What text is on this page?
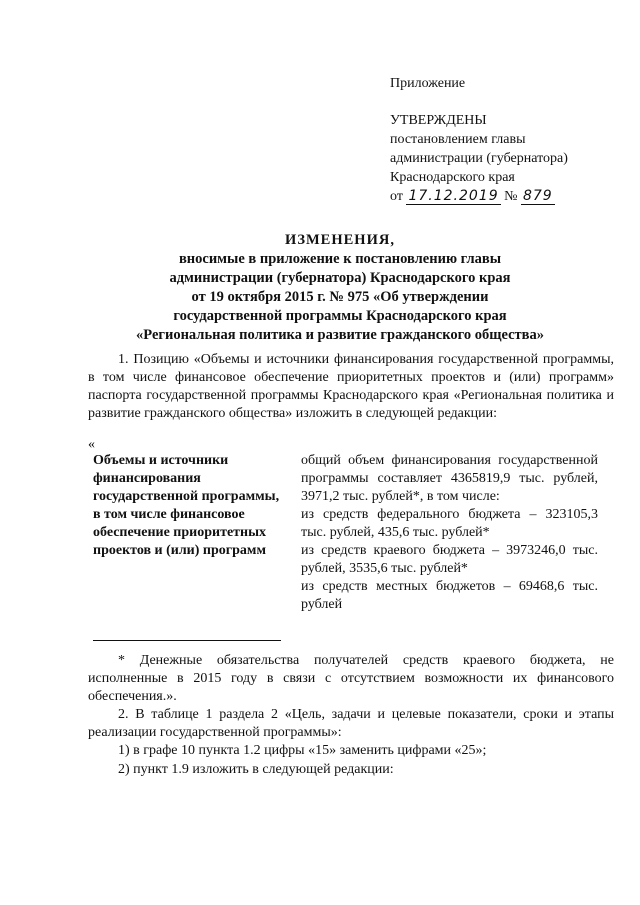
Приложение
УТВЕРЖДЕНЫ
постановлением главы
администрации (губернатора)
Краснодарского края
от 17.12.2019 № 879
ИЗМЕНЕНИЯ,
вносимые в приложение к постановлению главы
администрации (губернатора) Краснодарского края
от 19 октября 2015 г. № 975 «Об утверждении
государственной программы Краснодарского края
«Региональная политика и развитие гражданского общества»
1. Позицию «Объемы и источники финансирования государственной программы, в том числе финансовое обеспечение приоритетных проектов и (или) программ» паспорта государственной программы Краснодарского края «Региональная политика и развитие гражданского общества» изложить в следующей редакции:
«
Объемы и источники финансирования государственной программы, в том числе финансовое обеспечение приоритетных проектов и (или) программ
общий объем финансирования государственной программы составляет 4365819,9 тыс. рублей, 3971,2 тыс. рублей*, в том числе:
из средств федерального бюджета – 323105,3 тыс. рублей, 435,6 тыс. рублей*
из средств краевого бюджета – 3973246,0 тыс. рублей, 3535,6 тыс. рублей*
из средств местных бюджетов – 69468,6 тыс. рублей
* Денежные обязательства получателей средств краевого бюджета, не исполненные в 2015 году в связи с отсутствием возможности их финансового обеспечения.».
2. В таблице 1 раздела 2 «Цель, задачи и целевые показатели, сроки и этапы реализации государственной программы»:
1) в графе 10 пункта 1.2 цифры «15» заменить цифрами «25»;
2) пункт 1.9 изложить в следующей редакции:
